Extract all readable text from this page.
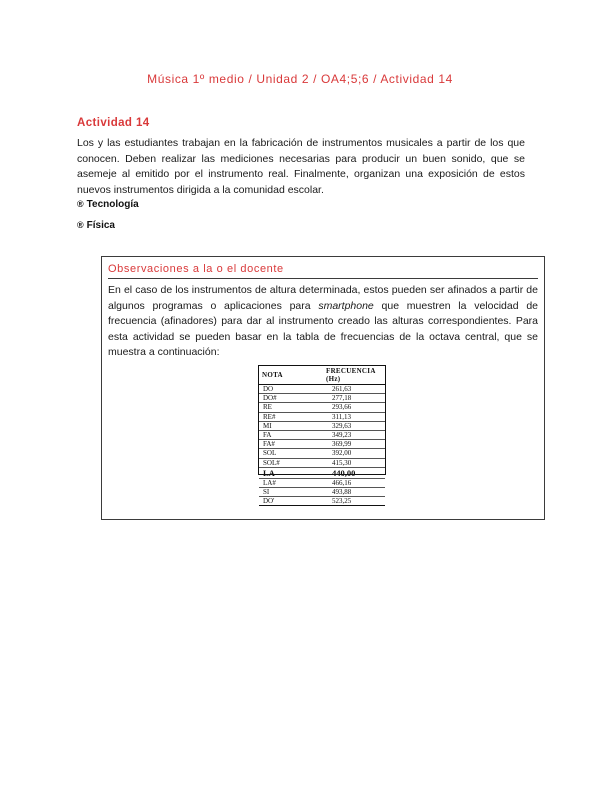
Música 1º medio / Unidad 2 / OA4;5;6 / Actividad 14
Actividad 14
Los y las estudiantes trabajan en la fabricación de instrumentos musicales a partir de los que conocen. Deben realizar las mediciones necesarias para producir un buen sonido, que se asemeje al emitido por el instrumento real. Finalmente, organizan una exposición de estos nuevos instrumentos dirigida a la comunidad escolar.
® Tecnología
® Física
Observaciones a la o el docente
En el caso de los instrumentos de altura determinada, estos pueden ser afinados a partir de algunos programas o aplicaciones para smartphone que muestren la velocidad de frecuencia (afinadores) para dar al instrumento creado las alturas correspondientes. Para esta actividad se pueden basar en la tabla de frecuencias de la octava central, que se muestra a continuación:
NOTA	FRECUENCIA (Hz)
DO	261,63
DO#	277,18
RE	293,66
RE#	311,13
MI	329,63
FA	349,23
FA#	369,99
SOL	392,00
SOL#	415,30
LA	440,00
LA#	466,16
SI	493,88
DO'	523,25
